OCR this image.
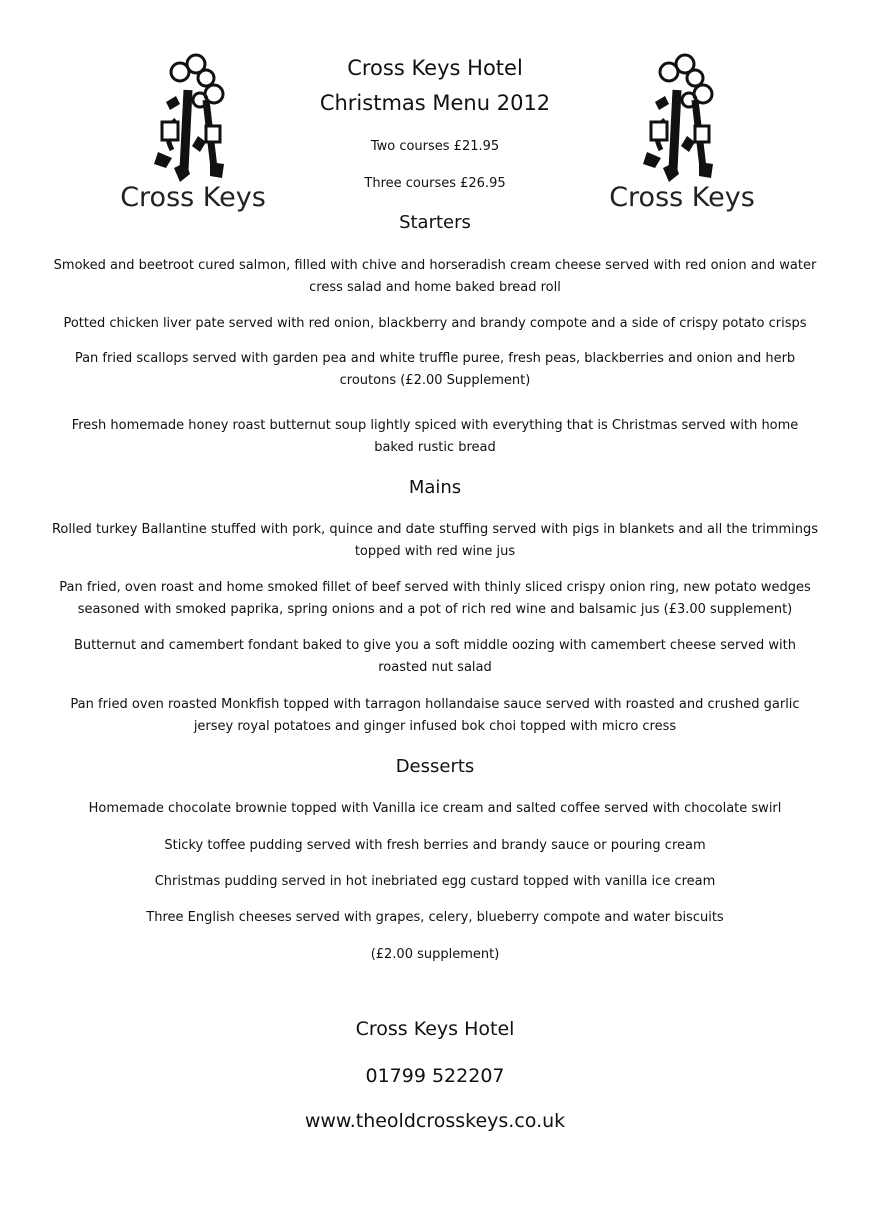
Cross Keys	Cross Keys
Cross Keys Hotel
Christmas Menu 2012
Two courses £21.95
Three courses £26.95
Starters
Smoked and beetroot cured salmon, filled with chive and horseradish cream cheese served with red onion and water cress salad and home baked bread roll
Potted chicken liver pate served with red onion, blackberry and brandy compote and a side of crispy potato crisps
Pan fried scallops served with garden pea and white truffle puree, fresh peas, blackberries and onion and herb croutons (£2.00 Supplement)
Fresh homemade honey roast butternut soup lightly spiced with everything that is Christmas served with home baked rustic bread
Mains
Rolled turkey Ballantine stuffed with pork, quince and date stuffing served with pigs in blankets and all the trimmings topped with red wine jus
Pan fried, oven roast and home smoked fillet of beef served with thinly sliced crispy onion ring, new potato wedges seasoned with smoked paprika, spring onions and a pot of rich red wine and balsamic jus (£3.00 supplement)
Butternut and camembert fondant baked to give you a soft middle oozing with camembert cheese served with roasted nut salad
Pan fried oven roasted Monkfish topped with tarragon hollandaise sauce served with roasted and crushed garlic jersey royal potatoes and ginger infused bok choi topped with micro cress
Desserts
Homemade chocolate brownie topped with Vanilla ice cream and salted coffee served with chocolate swirl
Sticky toffee pudding served with fresh berries and brandy sauce or pouring cream
Christmas pudding served in hot inebriated egg custard topped with vanilla ice cream
Three English cheeses served with grapes, celery, blueberry compote and water biscuits
(£2.00 supplement)
Cross Keys Hotel
01799 522207
www.theoldcrosskeys.co.uk
